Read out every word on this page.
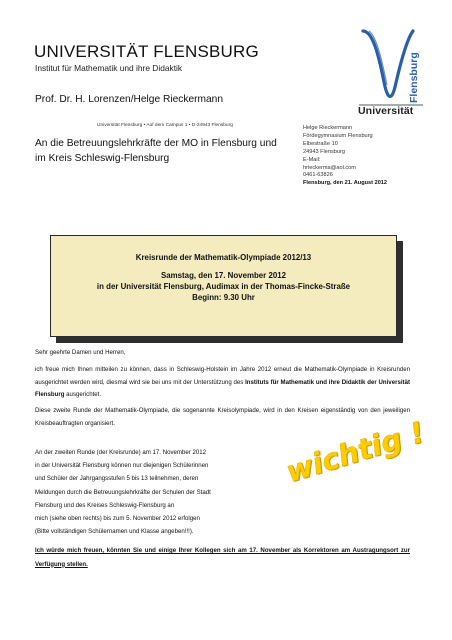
UNIVERSITÄT FLENSBURG
Institut für Mathematik und ihre Didaktik
Prof. Dr. H. Lorenzen/Helge Rieckermann
Universität Flensburg • Auf dem Campus 1 • D-24943 Flensburg
Flensburg
Universität
An die Betreuungslehrkräfte der MO in Flensburg und im Kreis Schleswig-Flensburg
Helge Rieckermann
Fördegymnasium Flensburg
Elbestraße 10
24943 Flensburg
E-Mail:
hrieckerma@aol.com
0461-63826
Flensburg, den 21. August 2012
Kreisrunde der Mathematik-Olympiade 2012/13
Samstag, den 17. November 2012
in der Universität Flensburg, Audimax in der Thomas-Fincke-Straße
Beginn: 9.30 Uhr
Sehr geehrte Damen und Herren,
ich freue mich Ihnen mitteilen zu können, dass in Schleswig-Holstein im Jahre 2012 erneut die Mathematik-Olympiade in Kreisrunden ausgerichtet werden wird, diesmal wird sie bei uns mit der Unterstützung des Instituts für Mathematik und ihre Didaktik der Universität Flensburg ausgerichtet.
Diese zweite Runde der Mathematik-Olympiade, die sogenannte Kreisolympiade, wird in den Kreisen eigenständig von den jeweiligen Kreisbeauftragten organisiert.
An der zweiten Runde (der Kreisrunde) am 17. November 2012
in der Universität Flensburg können nur diejenigen Schülerinnen
und Schüler der Jahrgangsstufen 5 bis 13 teilnehmen, deren
Meldungen durch die Betreuungslehrkräfte der Schulen der Stadt
Flensburg und des Kreises Schleswig-Flensburg an
mich (siehe oben rechts) bis zum 5. November 2012 erfolgen
(Bitte vollständigen Schülernamen und Klasse angeben!!!).
Ich würde mich freuen, könnten Sie und einige Ihrer Kollegen sich am 17. November als Korrektoren am Austragungsort zur Verfügung stellen.
wichtig !
